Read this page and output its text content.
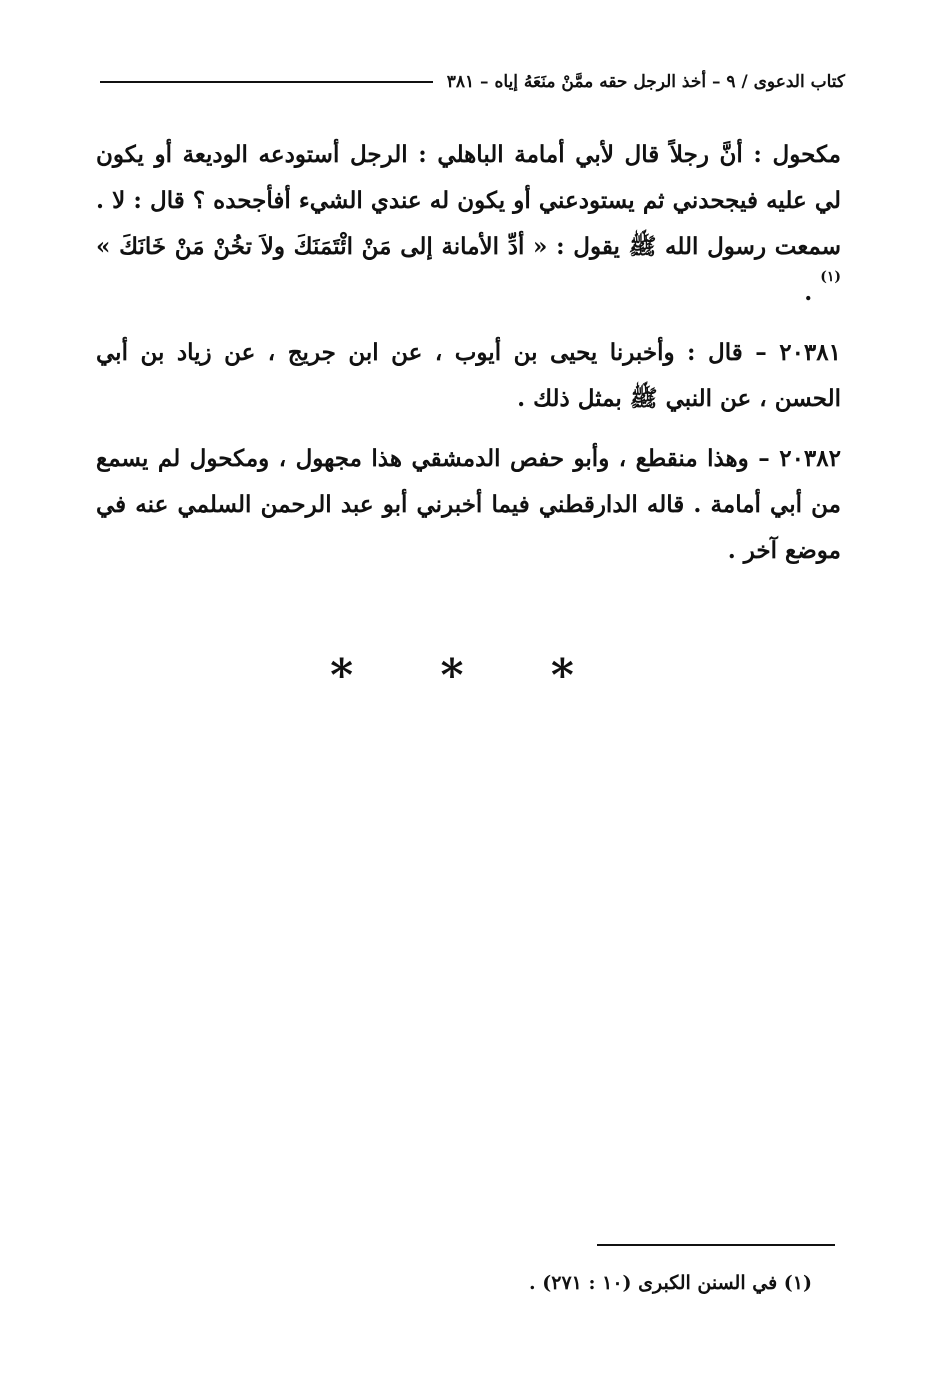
كتاب الدعوى / ٩ – أخذ الرجل حقه ممَّنْ منَعَهُ إياه – ٣٨١

مكحول : أنَّ رجلاً قال لأبي أمامة الباهلي : الرجل أستودعه الوديعة أو يكون لي عليه فيجحدني ثم يستودعني أو يكون له عندي الشيء أفأجحده ؟ قال : لا . سمعت رسول الله ﷺ يقول : « أدِّ الأمانة إلى مَنْ ائْتَمَنَكَ ولاَ تخُنْ مَنْ خَانَكَ » $^{(١)}$ .

٢٠٣٨١ – قال : وأخبرنا يحيى بن أيوب ، عن ابن جريج ، عن زياد بن أبي الحسن ، عن النبي ﷺ بمثل ذلك .

٢٠٣٨٢ – وهذا منقطع ، وأبو حفص الدمشقي هذا مجهول ، ومكحول لم يسمع من أبي أمامة . قاله الدارقطني فيما أخبرني أبو عبد الرحمن السلمي عنه في موضع آخر .

* * *
(١) في السنن الكبرى (١٠ : ٢٧١) .
